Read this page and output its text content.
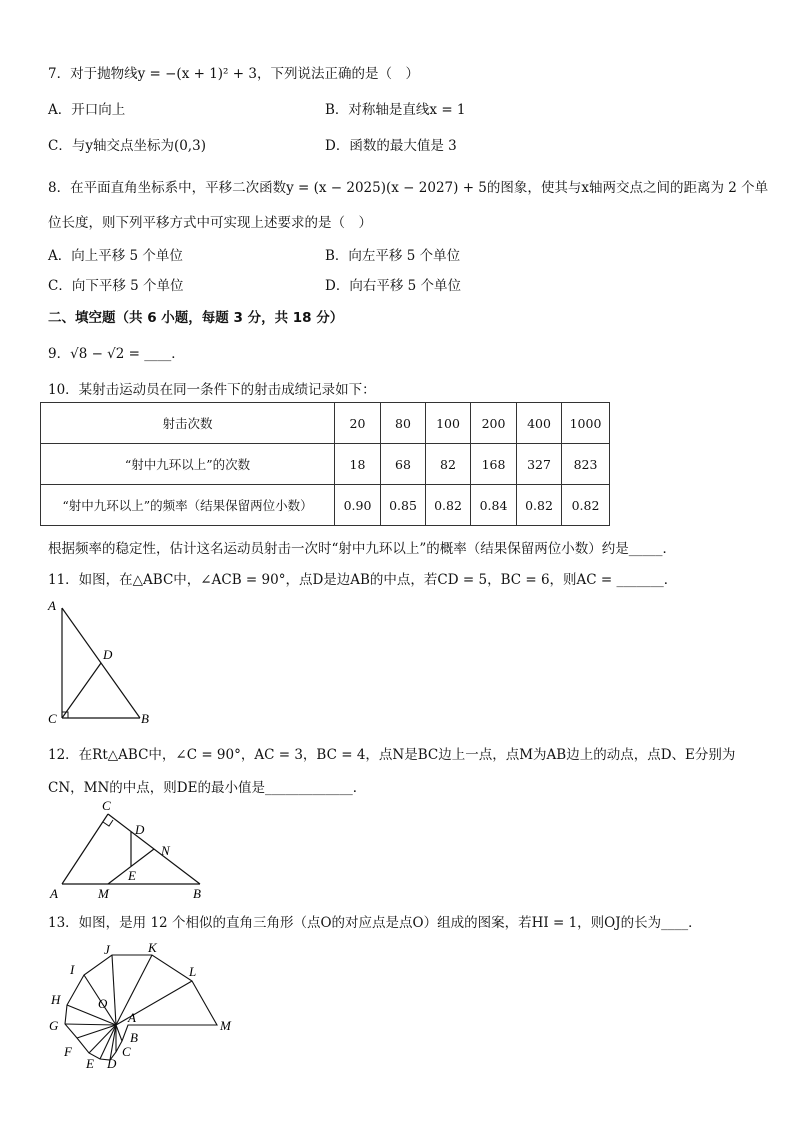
7．对于抛物线y = −(x + 1)² + 3，下列说法正确的是（　）
A．开口向上	B．对称轴是直线x = 1
C．与y轴交点坐标为(0,3)	D．函数的最大值是 3
8．在平面直角坐标系中，平移二次函数y = (x − 2025)(x − 2027) + 5的图象，使其与x轴两交点之间的距离为 2 个单
位长度，则下列平移方式中可实现上述要求的是（　）
A．向上平移 5 个单位	B．向左平移 5 个单位
C．向下平移 5 个单位	D．向右平移 5 个单位
二、填空题（共 6 小题，每题 3 分，共 18 分）
9．√8 − √2 = ____．
10．某射击运动员在同一条件下的射击成绩记录如下：
射击次数	20	80	100	200	400	1000
“射中九环以上”的次数	18	68	82	168	327	823
“射中九环以上”的频率（结果保留两位小数）	0.90	0.85	0.82	0.84	0.82	0.82
根据频率的稳定性，估计这名运动员射击一次时“射中九环以上”的概率（结果保留两位小数）约是_____．
11．如图，在△ABC中，∠ACB = 90°，点D是边AB的中点，若CD = 5，BC = 6，则AC = _______．
A
D
C	B
12．在Rt△ABC中，∠C = 90°，AC = 3，BC = 4，点N是BC边上一点，点M为AB边上的动点，点D、E分别为
CN，MN的中点，则DE的最小值是_____________．
C
D
N
E
A	M	B
13．如图，是用 12 个相似的直角三角形（点O的对应点是点O）组成的图案，若HI = 1，则OJ的长为____．
J	K
I	L
H	O
G
A
M
B
C
F
E D
